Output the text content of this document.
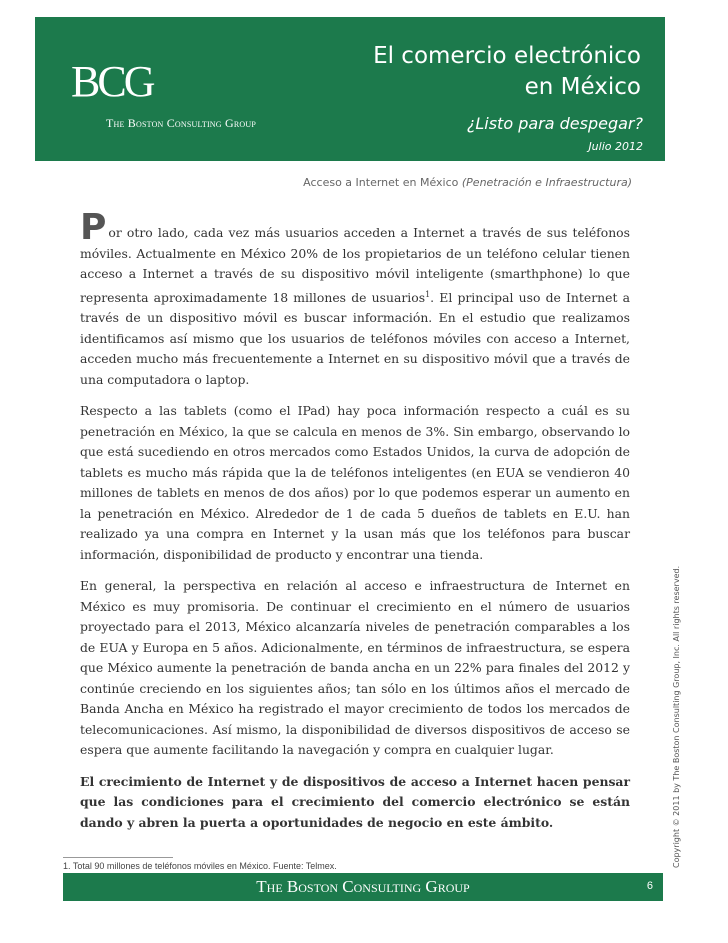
BCG
The Boston Consulting Group
El comercio electrónico
en México
¿Listo para despegar?
Julio 2012
Acceso a Internet en México (Penetración e Infraestructura)

Por otro lado, cada vez más usuarios acceden a Internet a través de sus teléfonos móviles. Actualmente en México 20% de los propietarios de un teléfono celular tienen acceso a Internet a través de su dispositivo móvil inteligente (smarthphone) lo que representa aproximadamente 18 millones de usuarios$^1$. El principal uso de Internet a través de un dispositivo móvil es buscar información. En el estudio que realizamos identificamos así mismo que los usuarios de teléfonos móviles con acceso a Internet, acceden mucho más frecuentemente a Internet en su dispositivo móvil que a través de una computadora o laptop.

Respecto a las tablets (como el IPad) hay poca información respecto a cuál es su penetración en México, la que se calcula en menos de 3%. Sin embargo, observando lo que está sucediendo en otros mercados como Estados Unidos, la curva de adopción de tablets es mucho más rápida que la de teléfonos inteligentes (en EUA se vendieron 40 millones de tablets en menos de dos años) por lo que podemos esperar un aumento en la penetración en México. Alrededor de 1 de cada 5 dueños de tablets en E.U. han realizado ya una compra en Internet y la usan más que los teléfonos para buscar información, disponibilidad de producto y encontrar una tienda.

En general, la perspectiva en relación al acceso e infraestructura de Internet en México es muy promisoria. De continuar el crecimiento en el número de usuarios proyectado para el 2013, México alcanzaría niveles de penetración comparables a los de EUA y Europa en 5 años. Adicionalmente, en términos de infraestructura, se espera que México aumente la penetración de banda ancha en un 22% para finales del 2012 y continúe creciendo en los siguientes años; tan sólo en los últimos años el mercado de Banda Ancha en México ha registrado el mayor crecimiento de todos los mercados de telecomunicaciones. Así mismo, la disponibilidad de diversos dispositivos de acceso se espera que aumente facilitando la navegación y compra en cualquier lugar.

El crecimiento de Internet y de dispositivos de acceso a Internet hacen pensar que las condiciones para el crecimiento del comercio electrónico se están dando y abren la puerta a oportunidades de negocio en este ámbito.	Copyright © 2011 by The Boston Consulting Group, Inc. All rights reserved.
1. Total 90 millones de teléfonos móviles en México. Fuente: Telmex.
The Boston Consulting Group	6
